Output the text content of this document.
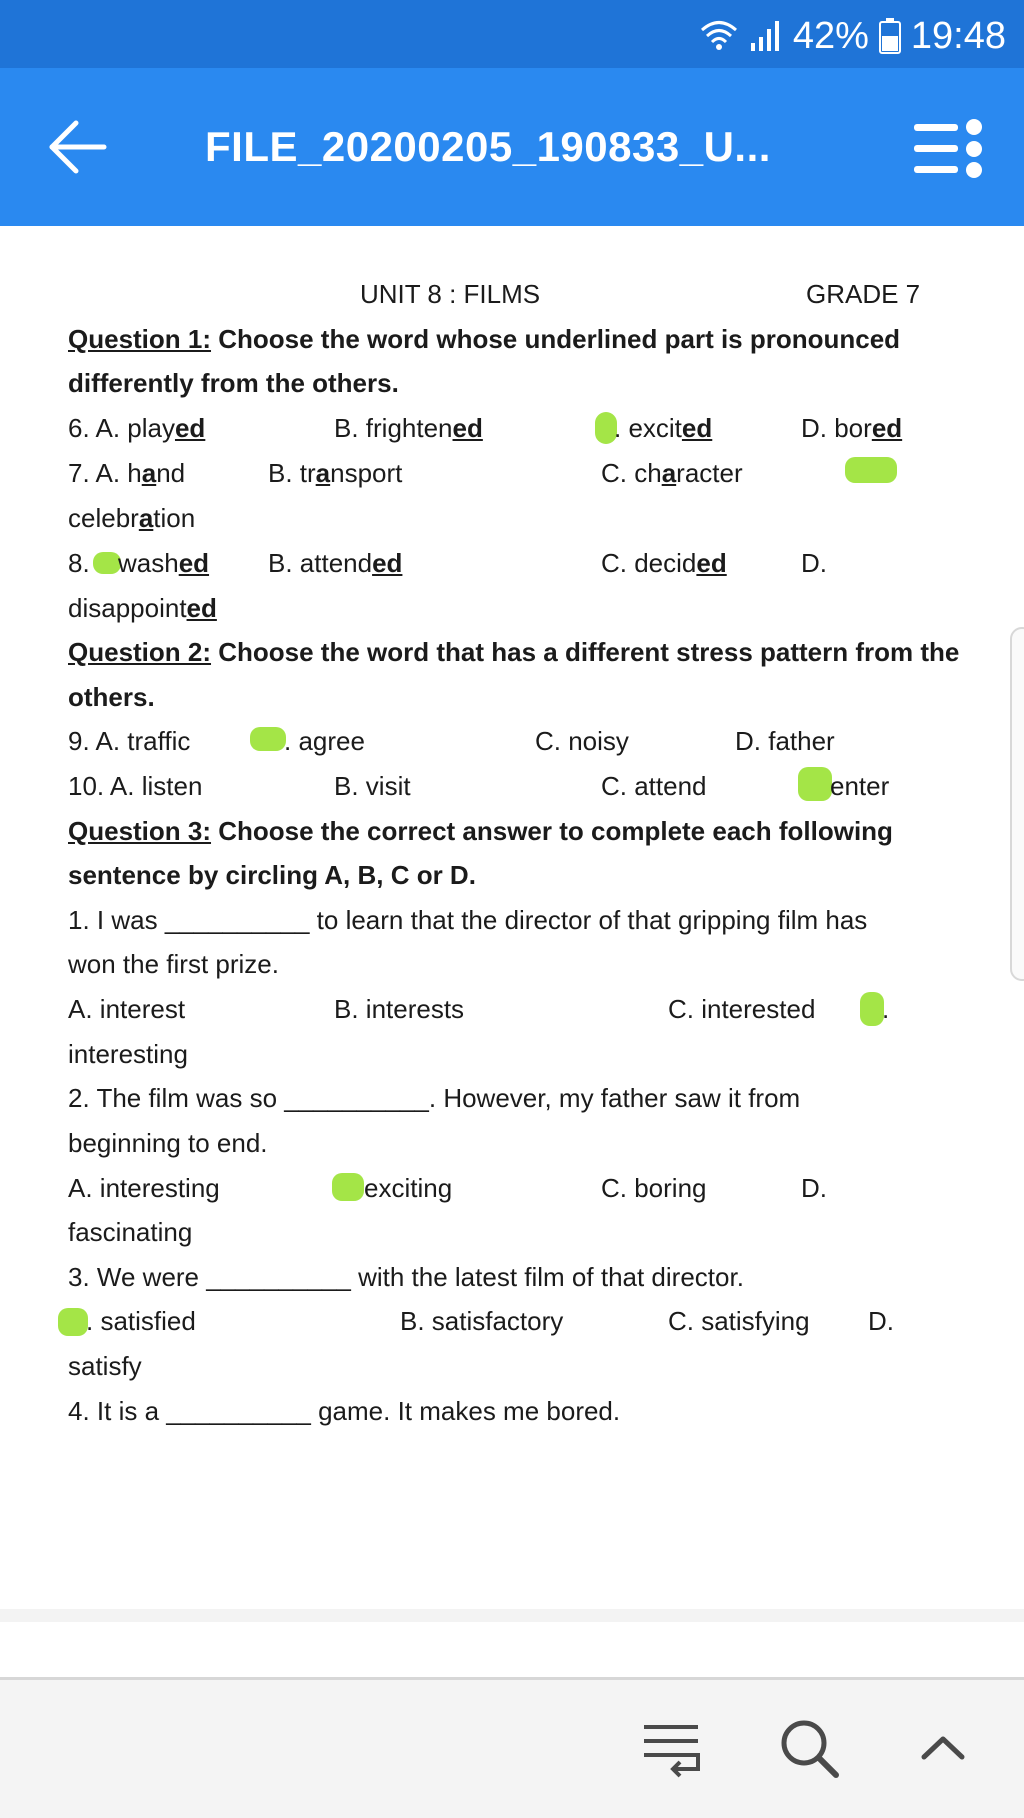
42% 19:48
FILE_20200205_190833_U...
UNIT 8 : FILMS	GRADE 7
Question 1: Choose the word whose underlined part is pronounced
differently from the others.
6. A. played	B. frightened	. excited	D. bored
7. A. hand	B. transport	C. character
celebration
8. washed B. attended	C. decided	D.
disappointed
Question 2: Choose the word that has a different stress pattern from the
others.
9. A. traffic	. agree	C. noisy	D. father
10. A. listen	B. visit	C. attend	enter
Question 3: Choose the correct answer to complete each following
sentence by circling A, B, C or D.
1. I was __________ to learn that the director of that gripping film has
won the first prize.
A. interest	B. interests	C. interested	.
interesting
2. The film was so __________. However, my father saw it from
beginning to end.
A. interesting	exciting	C. boring	D.
fascinating
3. We were __________ with the latest film of that director.
. satisfied	B. satisfactory	C. satisfying D.
satisfy
4. It is a __________ game. It makes me bored.
